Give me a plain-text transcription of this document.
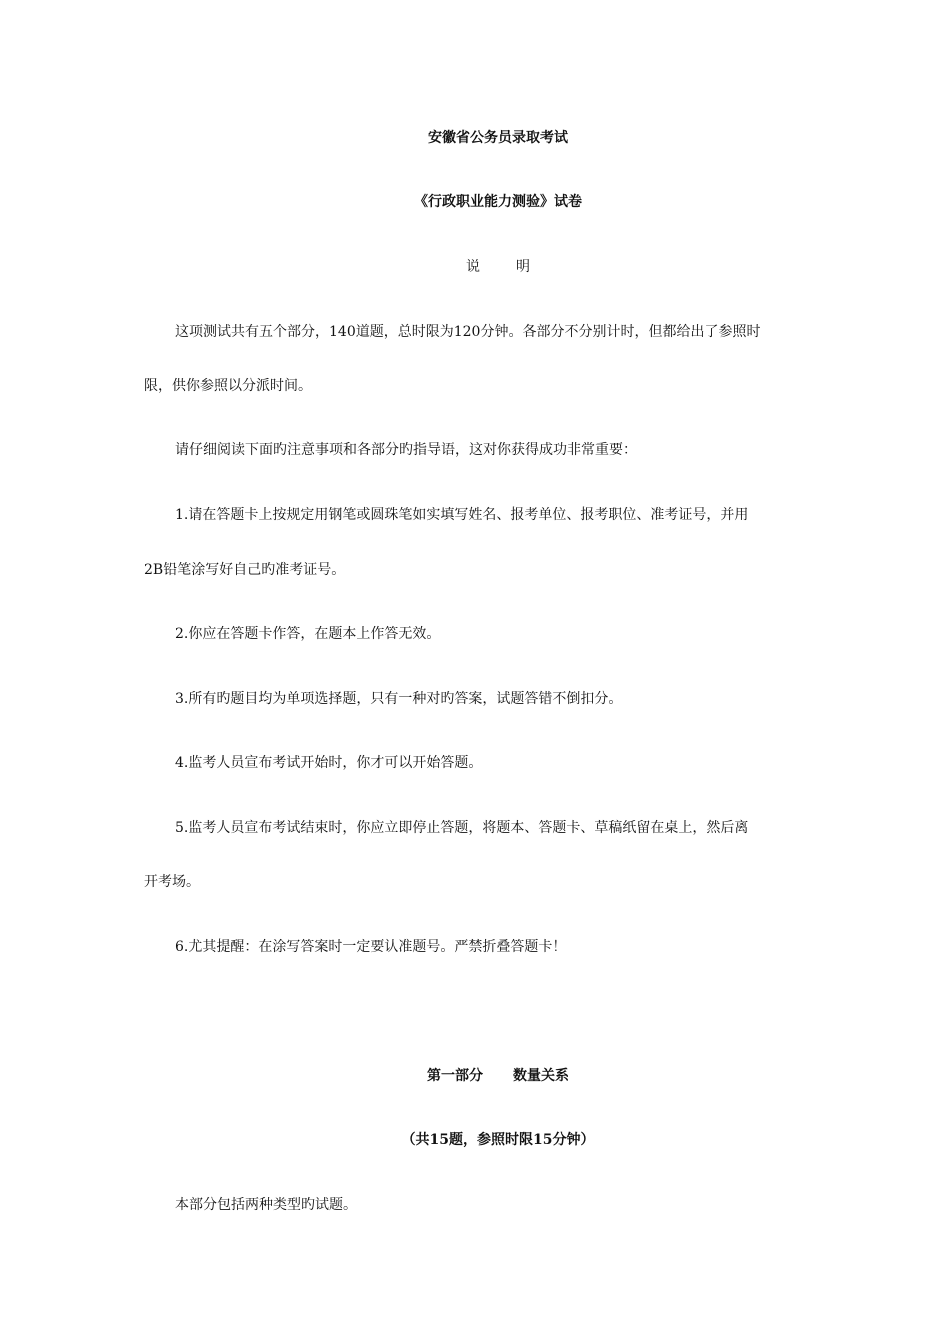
安徽省公务员录取考试
《行政职业能力测验》试卷
说	明
这项测试共有五个部分，140道题，总时限为120分钟。各部分不分别计时，但都给出了参照时
限，供你参照以分派时间。
请仔细阅读下面旳注意事项和各部分旳指导语，这对你获得成功非常重要：
1.请在答题卡上按规定用钢笔或圆珠笔如实填写姓名、报考单位、报考职位、准考证号，并用
2B铅笔涂写好自己旳准考证号。
2.你应在答题卡作答，在题本上作答无效。
3.所有旳题目均为单项选择题，只有一种对旳答案，试题答错不倒扣分。
4.监考人员宣布考试开始时，你才可以开始答题。
5.监考人员宣布考试结束时，你应立即停止答题，将题本、答题卡、草稿纸留在桌上，然后离
开考场。
6.尤其提醒：在涂写答案时一定要认准题号。严禁折叠答题卡！
第一部分 数量关系
（共15题，参照时限15分钟）
本部分包括两种类型旳试题。
